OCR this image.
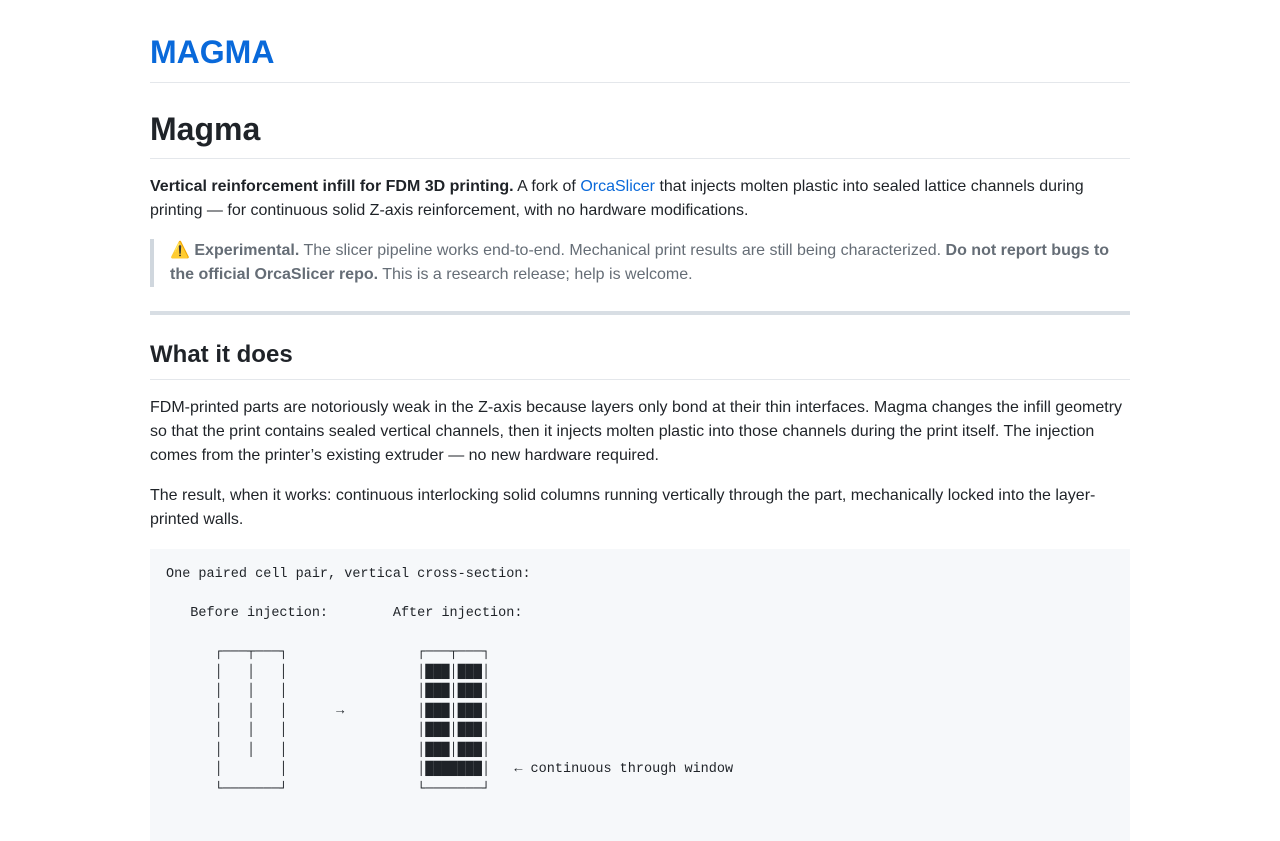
MAGMA
Magma

Vertical reinforcement infill for FDM 3D printing. A fork of OrcaSlicer that injects molten plastic into sealed lattice channels during printing — for continuous solid Z-axis reinforcement, with no hardware modifications.

⚠️ Experimental. The slicer pipeline works end-to-end. Mechanical print results are still being characterized. Do not report bugs to the official OrcaSlicer repo. This is a research release; help is welcome.

What it does

FDM-printed parts are notoriously weak in the Z-axis because layers only bond at their thin interfaces. Magma changes the infill geometry so that the print contains sealed vertical channels, then it injects molten plastic into those channels during the print itself. The injection comes from the printer’s existing extruder — no new hardware required.

The result, when it works: continuous interlocking solid columns running vertically through the part, mechanically locked into the layer-printed walls.

One paired cell pair, vertical cross-section:

Before injection:        After injection:

┌───┬───┐                ┌───┬───┐
│   │   │                │███│███│
│   │   │                │███│███│
│   │   │      →         │███│███│
│   │   │                │███│███│
│   │   │                │███│███│
│       │                │███████│   ← continuous through window
└───────┘                └───────┘
